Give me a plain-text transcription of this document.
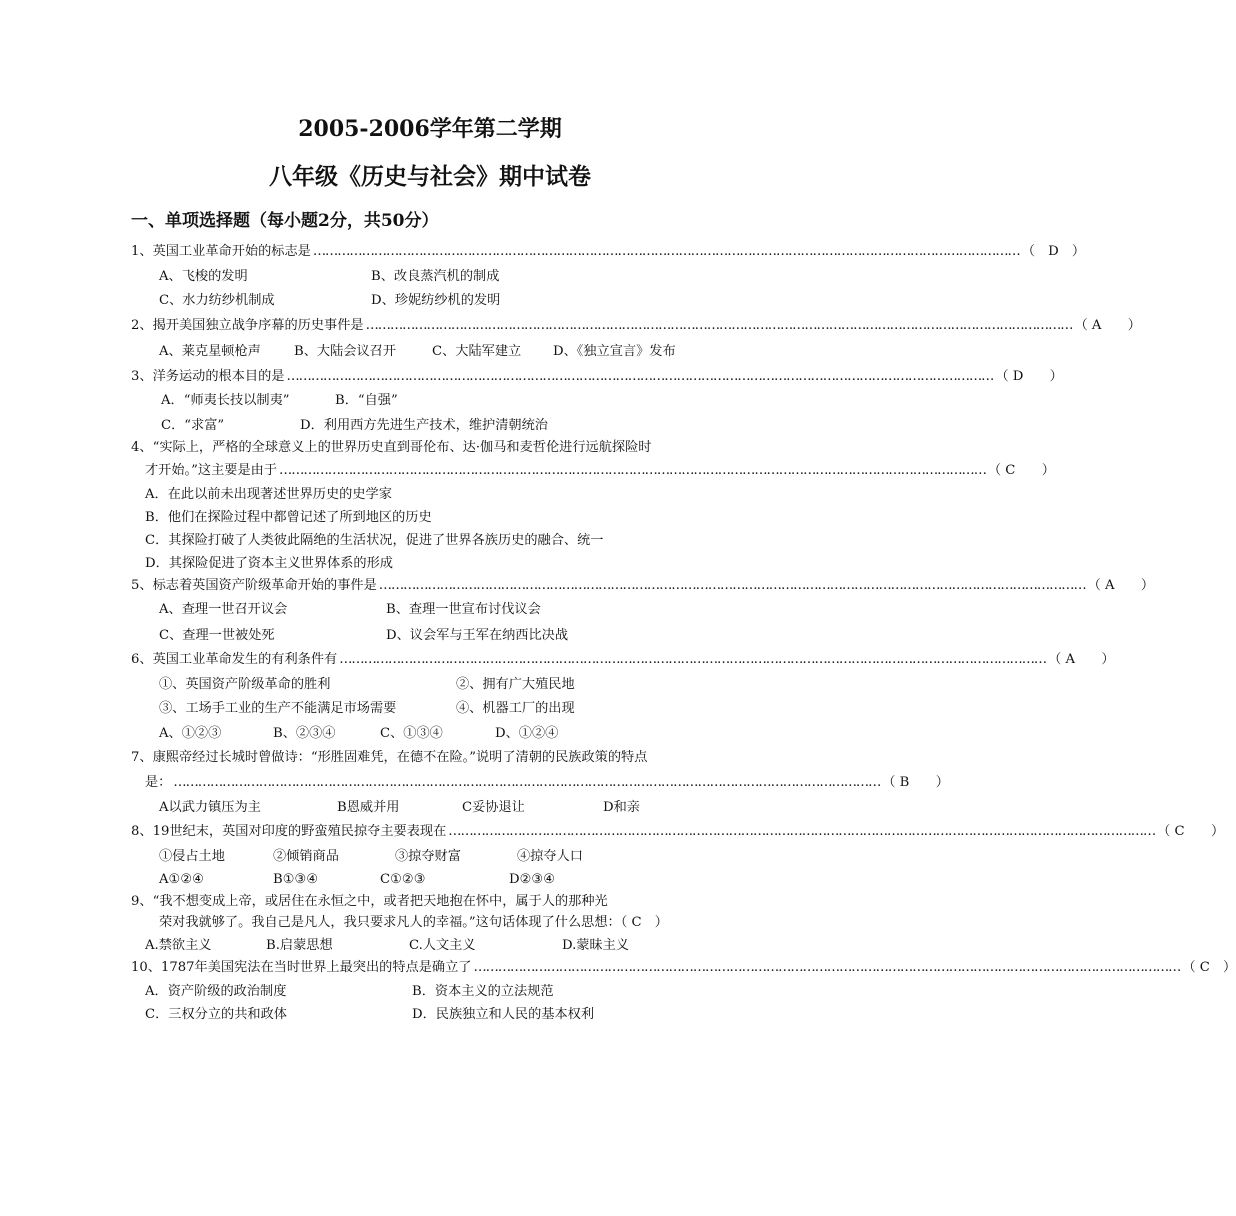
2005-2006学年第二学期
八年级《历史与社会》期中试卷
一、单项选择题（每小题2分，共50分）
1、英国工业革命开始的标志是 ………………………………………………………………………………………………………………………………………………………… （　D　）
A、飞梭的发明	B、改良蒸汽机的制成
C、水力纺纱机制成	D、珍妮纺纱机的发明
2、揭开美国独立战争序幕的历史事件是 ………………………………………………………………………………………………………………………………………………………… （ A　　）
A、莱克星顿枪声	B、大陆会议召开	C、大陆军建立 D、《独立宣言》发布
3、洋务运动的根本目的是 ………………………………………………………………………………………………………………………………………………………… （ D　　）
A．“师夷长技以制夷”	B．“自强”
C．“求富”	D．利用西方先进生产技术，维护清朝统治
4、“实际上，严格的全球意义上的世界历史直到哥伦布、达·伽马和麦哲伦进行远航探险时
才开始。”这主要是由于 ………………………………………………………………………………………………………………………………………………………… （ C　　）
A．在此以前未出现著述世界历史的史学家
B．他们在探险过程中都曾记述了所到地区的历史
C．其探险打破了人类彼此隔绝的生活状况，促进了世界各族历史的融合、统一
D．其探险促进了资本主义世界体系的形成
5、标志着英国资产阶级革命开始的事件是 ………………………………………………………………………………………………………………………………………………………… （ A　　）
A、查理一世召开议会	B、查理一世宣布讨伐议会
C、查理一世被处死	D、议会军与王军在纳西比决战
6、英国工业革命发生的有利条件有 ………………………………………………………………………………………………………………………………………………………… （ A　　）
①、英国资产阶级革命的胜利	②、拥有广大殖民地
③、工场手工业的生产不能满足市场需要	④、机器工厂的出现
A、①②③	B、②③④	C、①③④	D、①②④
7、康熙帝经过长城时曾做诗：“形胜固难凭，在德不在险。”说明了清朝的民族政策的特点
是： ………………………………………………………………………………………………………………………………………………………… （ B　　）
A以武力镇压为主	B恩威并用	C妥协退让	D和亲
8、19世纪末，英国对印度的野蛮殖民掠夺主要表现在 ………………………………………………………………………………………………………………………………………………………… （ C　　）
①侵占土地	②倾销商品	③掠夺财富	④掠夺人口
A①②④	B①③④	C①②③	D②③④
9、“我不想变成上帝，或居住在永恒之中，或者把天地抱在怀中，属于人的那种光
荣对我就够了。我自己是凡人，我只要求凡人的幸福。”这句话体现了什么思想：（ C　）
A.禁欲主义	B.启蒙思想	C.人文主义	D.蒙昧主义
10、1787年美国宪法在当时世界上最突出的特点是确立了 ………………………………………………………………………………………………………………………………………………………… （ C　）
A．资产阶级的政治制度	B．资本主义的立法规范
C．三权分立的共和政体	D．民族独立和人民的基本权利
